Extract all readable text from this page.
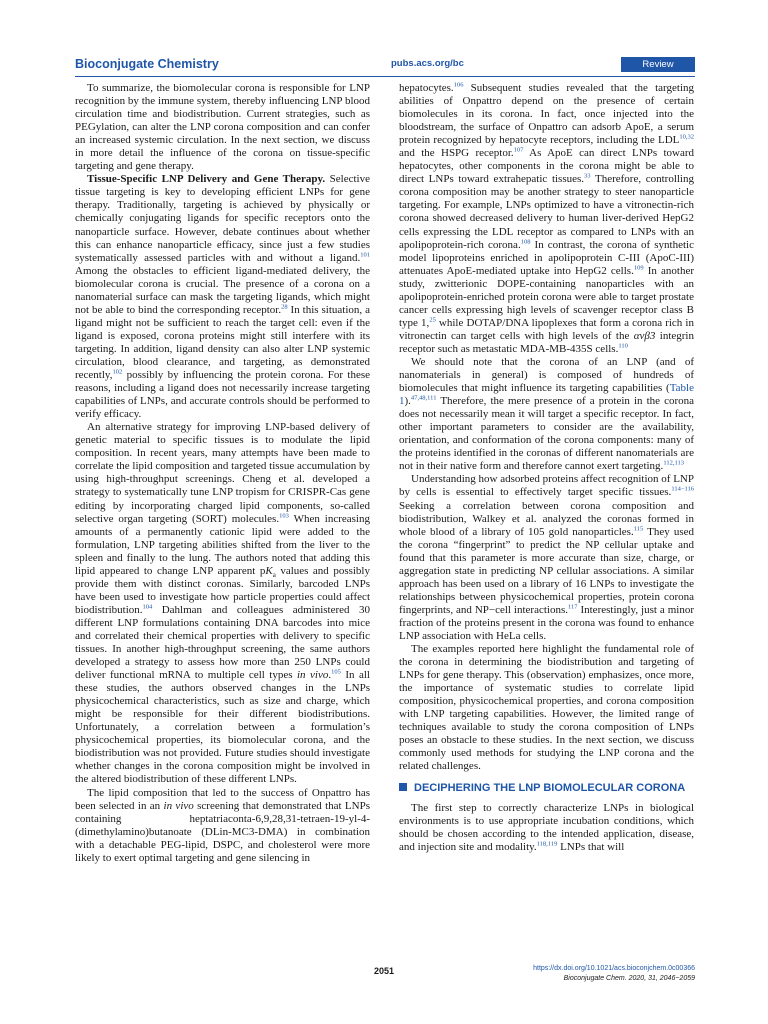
Bioconjugate Chemistry	pubs.acs.org/bc	Review

To summarize, the biomolecular corona is responsible for LNP recognition by the immune system, thereby influencing LNP blood circulation time and biodistribution. Current strategies, such as PEGylation, can alter the LNP corona composition and can confer an increased systemic circulation. In the next section, we discuss in more detail the influence of the corona on tissue-specific targeting and gene therapy.

Tissue-Specific LNP Delivery and Gene Therapy. Selective tissue targeting is key to developing efficient LNPs for gene therapy. Traditionally, targeting is achieved by physically or chemically conjugating ligands for specific receptors onto the nanoparticle surface. However, debate continues about whether this can enhance nanoparticle efficacy, since just a few studies systematically assessed particles with and without a ligand.$^{101}$ Among the obstacles to efficient ligand-mediated delivery, the biomolecular corona is crucial. The presence of a corona on a nanomaterial surface can mask the targeting ligands, which might not be able to bind the corresponding receptor.$^{28}$ In this situation, a ligand might not be sufficient to reach the target cell: even if the ligand is exposed, corona proteins might still interfere with its targeting. In addition, ligand density can also alter LNP systemic circulation, blood clearance, and targeting, as demonstrated recently,$^{102}$ possibly by influencing the protein corona. For these reasons, including a ligand does not necessarily increase targeting capabilities of LNPs, and accurate controls should be performed to verify efficacy.

An alternative strategy for improving LNP-based delivery of genetic material to specific tissues is to modulate the lipid composition. In recent years, many attempts have been made to correlate the lipid composition and targeted tissue accumulation by using high-throughput screenings. Cheng et al. developed a strategy to systematically tune LNP tropism for CRISPR-Cas gene editing by incorporating charged lipid components, so-called selective organ targeting (SORT) molecules.$^{103}$ When increasing amounts of a permanently cationic lipid were added to the formulation, LNP targeting abilities shifted from the liver to the spleen and finally to the lung. The authors noted that adding this lipid appeared to change LNP apparent $pK_a$ values and possibly provide them with distinct coronas. Similarly, barcoded LNPs have been used to investigate how particle properties could affect biodistribution.$^{104}$ Dahlman and colleagues administered 30 different LNP formulations containing DNA barcodes into mice and correlated their chemical properties with delivery to specific tissues. In another high-throughput screening, the same authors developed a strategy to assess how more than 250 LNPs could deliver functional mRNA to multiple cell types in vivo.$^{105}$ In all these studies, the authors observed changes in the LNPs physicochemical characteristics, such as size and charge, which might be responsible for their different biodistributions. Unfortunately, a correlation between a formulation’s physicochemical properties, its biomolecular corona, and the biodistribution was not provided. Future studies should investigate whether changes in the corona composition might be involved in the altered biodistribution of these different LNPs.

The lipid composition that led to the success of Onpattro has been selected in an in vivo screening that demonstrated that LNPs containing heptatriaconta-6,9,28,31-tetraen-19-yl-4-(dimethylamino)butanoate (DLin-MC3-DMA) in combination with a detachable PEG-lipid, DSPC, and cholesterol were more likely to exert optimal targeting and gene silencing in

hepatocytes.$^{106}$ Subsequent studies revealed that the targeting abilities of Onpattro depend on the presence of certain biomolecules in its corona. In fact, once injected into the bloodstream, the surface of Onpattro can adsorb ApoE, a serum protein recognized by hepatocyte receptors, including the LDL$^{10,32}$ and the HSPG receptor.$^{107}$ As ApoE can direct LNPs toward hepatocytes, other components in the corona might be able to direct LNPs toward extrahepatic tissues.$^{33}$ Therefore, controlling corona composition may be another strategy to steer nanoparticle targeting. For example, LNPs optimized to have a vitronectin-rich corona showed decreased delivery to human liver-derived HepG2 cells expressing the LDL receptor as compared to LNPs with an apolipoprotein-rich corona.$^{108}$ In contrast, the corona of synthetic model lipoproteins enriched in apolipoprotein C-III (ApoC-III) attenuates ApoE-mediated uptake into HepG2 cells.$^{109}$ In another study, zwitterionic DOPE-containing nanoparticles with an apolipoprotein-enriched protein corona were able to target prostate cancer cells expressing high levels of scavenger receptor class B type 1,25 while DOTAP/DNA lipoplexes that form a corona rich in vitronectin can target cells with high levels of the αvβ3 integrin receptor such as metastatic MDA-MB-435S cells.$^{110}$

We should note that the corona of an LNP (and of nanomaterials in general) is composed of hundreds of biomolecules that might influence its targeting capabilities (Table 1).$^{47,48,111}$ Therefore, the mere presence of a protein in the corona does not necessarily mean it will target a specific receptor. In fact, other important parameters to consider are the availability, orientation, and conformation of the corona components: many of the proteins identified in the coronas of different nanomaterials are not in their native form and therefore cannot exert targeting.$^{112,113}$

Understanding how adsorbed proteins affect recognition of LNP by cells is essential to effectively target specific tissues.$^{114-116}$ Seeking a correlation between corona composition and biodistribution, Walkey et al. analyzed the coronas formed in whole blood of a library of 105 gold nanoparticles.$^{115}$ They used the corona “fingerprint” to predict the NP cellular uptake and found that this parameter is more accurate than size, charge, or aggregation state in predicting NP cellular associations. A similar approach has been used on a library of 16 LNPs to investigate the relationships between physicochemical properties, protein corona fingerprints, and NP−cell interactions.$^{117}$ Interestingly, just a minor fraction of the proteins present in the corona was found to enhance LNP association with HeLa cells.

The examples reported here highlight the fundamental role of the corona in determining the biodistribution and targeting of LNPs for gene therapy. This (observation) emphasizes, once more, the importance of systematic studies to correlate lipid composition, physicochemical properties, and corona composition with LNP targeting capabilities. However, the limited range of techniques available to study the corona composition of LNPs poses an obstacle to these studies. In the next section, we discuss commonly used methods for studying the LNP corona and the related challenges.

DECIPHERING THE LNP BIOMOLECULAR CORONA

The first step to correctly characterize LNPs in biological environments is to use appropriate incubation conditions, which should be chosen according to the intended application, disease, and injection site and modality.$^{118,119}$ LNPs that will

2051	https://dx.doi.org/10.1021/acs.bioconjchem.0c00366
Bioconjugate Chem. 2020, 31, 2046−2059
